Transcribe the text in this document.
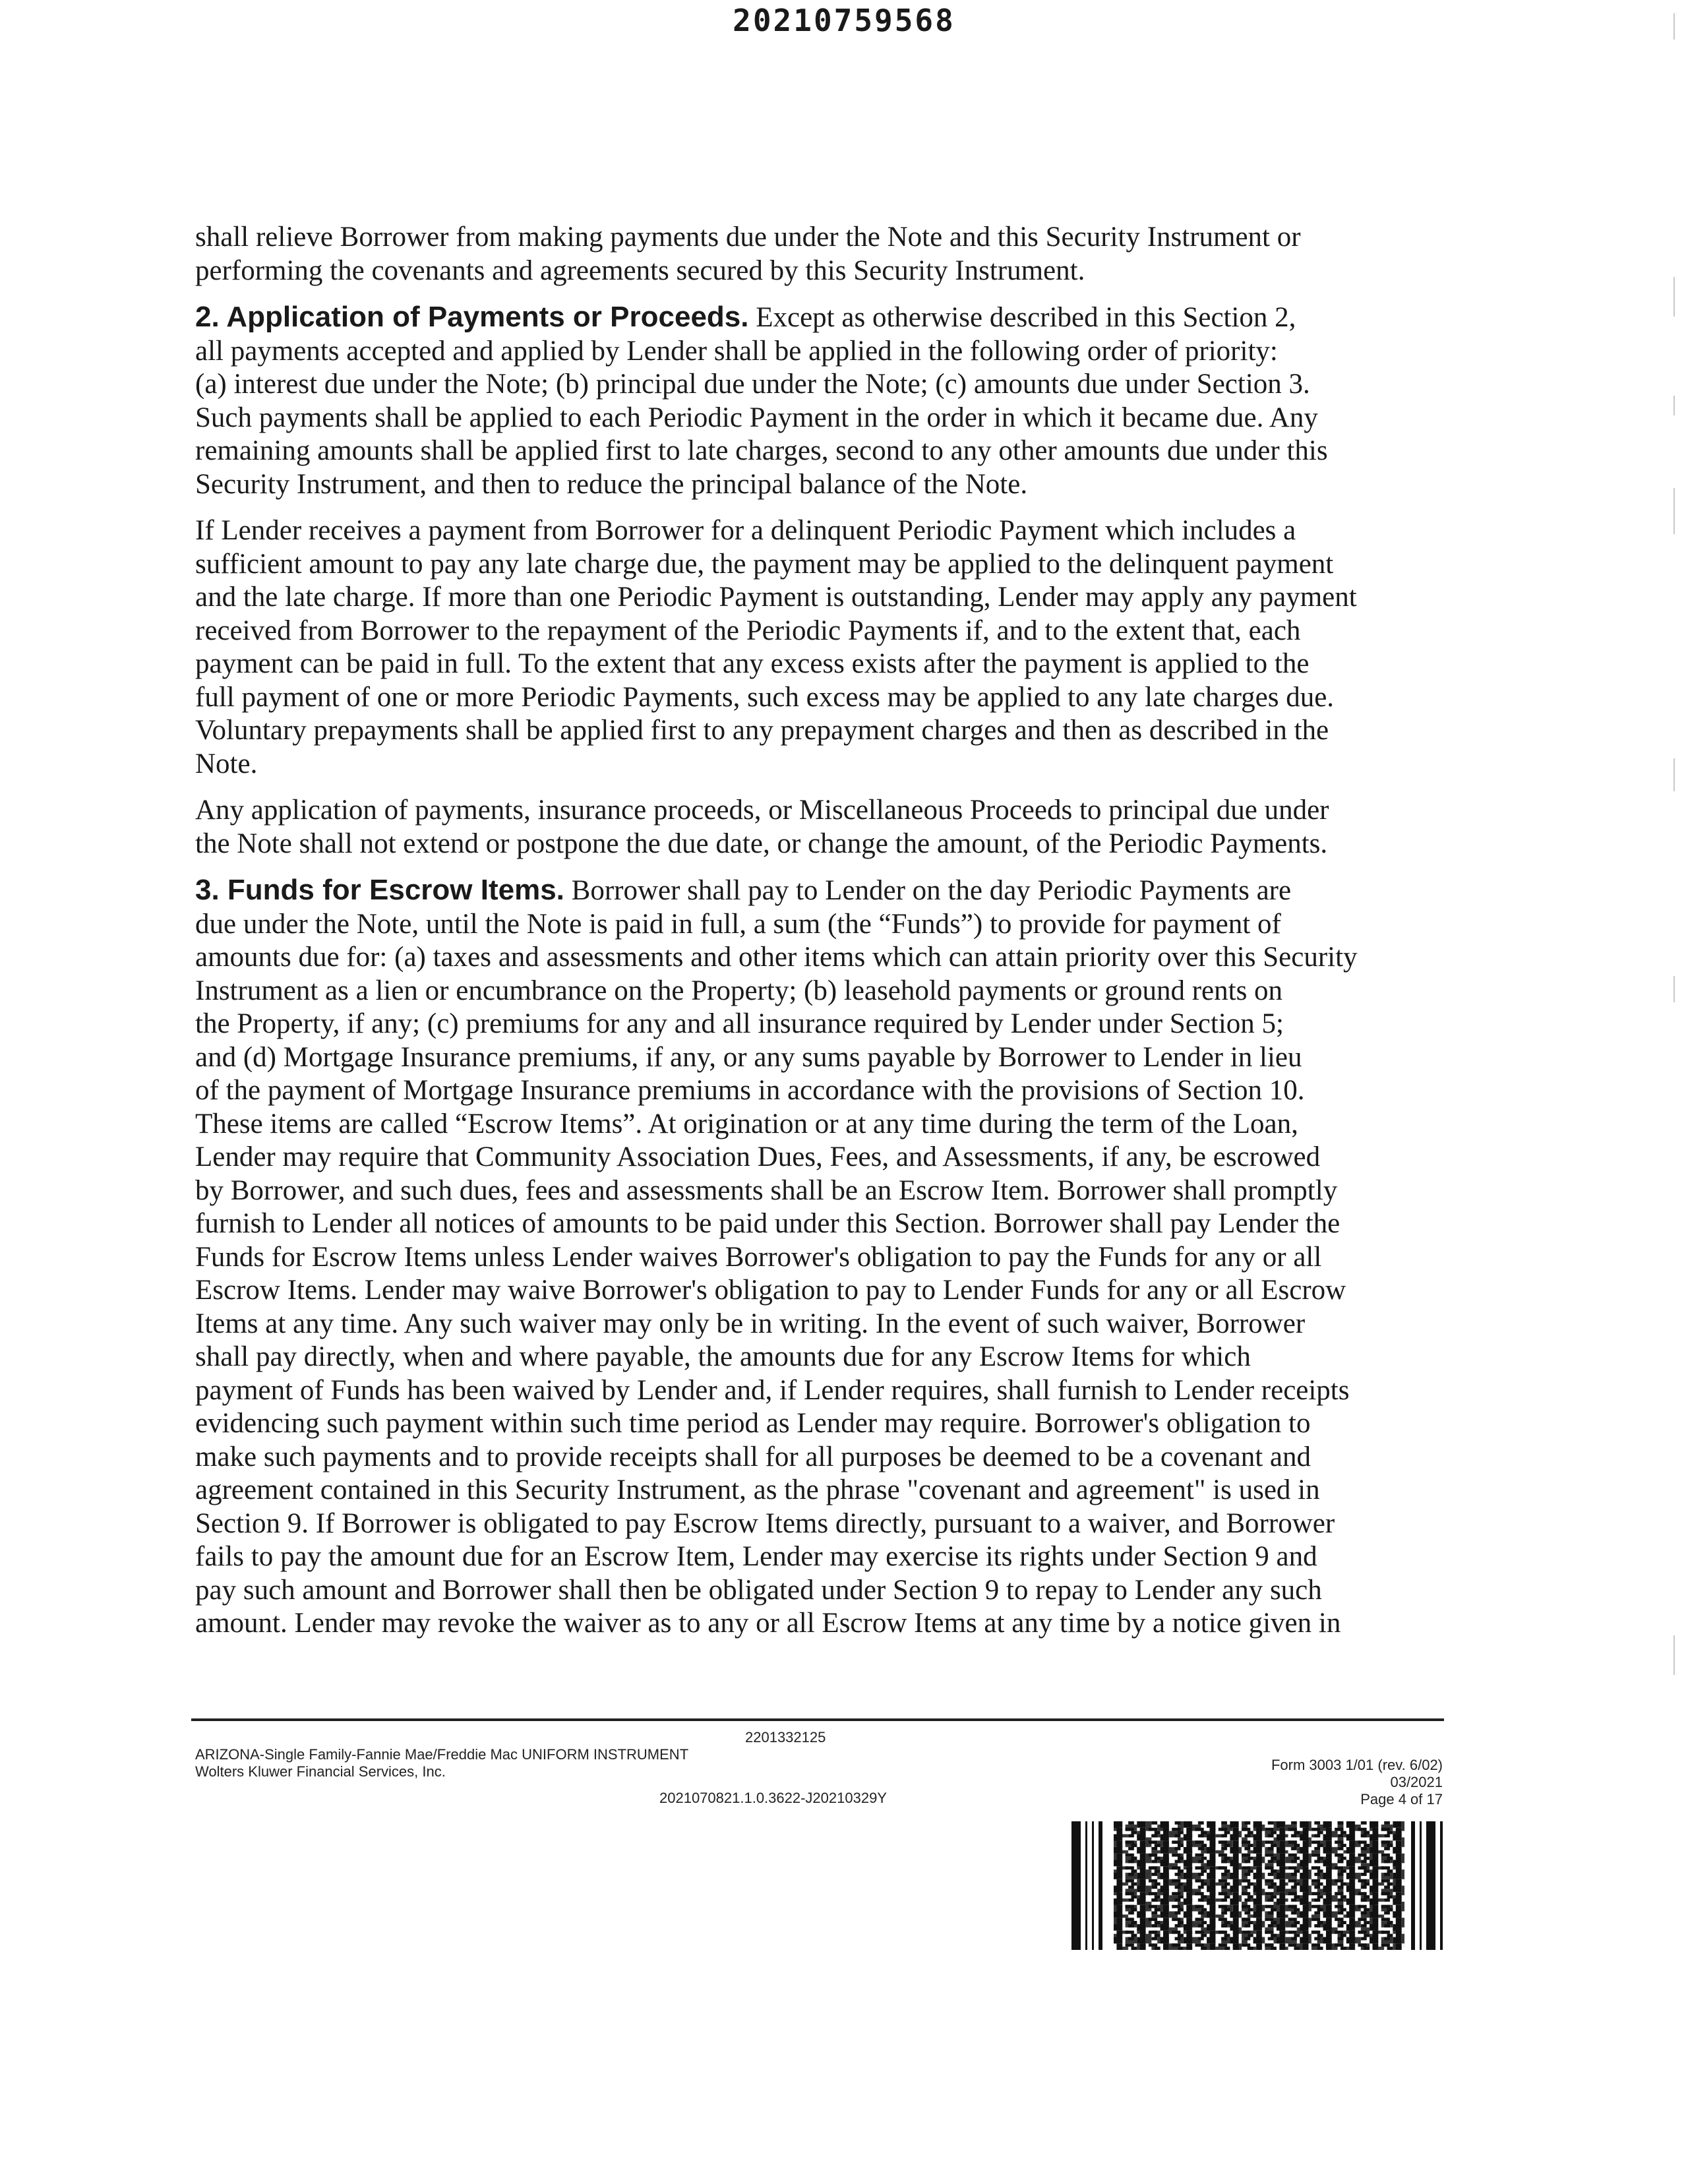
20210759568

shall relieve Borrower from making payments due under the Note and this Security Instrument or
performing the covenants and agreements secured by this Security Instrument.

2. Application of Payments or Proceeds. Except as otherwise described in this Section 2,
all payments accepted and applied by Lender shall be applied in the following order of priority:
(a) interest due under the Note; (b) principal due under the Note; (c) amounts due under Section 3.
Such payments shall be applied to each Periodic Payment in the order in which it became due. Any
remaining amounts shall be applied first to late charges, second to any other amounts due under this
Security Instrument, and then to reduce the principal balance of the Note.

If Lender receives a payment from Borrower for a delinquent Periodic Payment which includes a
sufficient amount to pay any late charge due, the payment may be applied to the delinquent payment
and the late charge. If more than one Periodic Payment is outstanding, Lender may apply any payment
received from Borrower to the repayment of the Periodic Payments if, and to the extent that, each
payment can be paid in full. To the extent that any excess exists after the payment is applied to the
full payment of one or more Periodic Payments, such excess may be applied to any late charges due.
Voluntary prepayments shall be applied first to any prepayment charges and then as described in the
Note.

Any application of payments, insurance proceeds, or Miscellaneous Proceeds to principal due under
the Note shall not extend or postpone the due date, or change the amount, of the Periodic Payments.

3. Funds for Escrow Items. Borrower shall pay to Lender on the day Periodic Payments are
due under the Note, until the Note is paid in full, a sum (the “Funds”) to provide for payment of
amounts due for: (a) taxes and assessments and other items which can attain priority over this Security
Instrument as a lien or encumbrance on the Property; (b) leasehold payments or ground rents on
the Property, if any; (c) premiums for any and all insurance required by Lender under Section 5;
and (d) Mortgage Insurance premiums, if any, or any sums payable by Borrower to Lender in lieu
of the payment of Mortgage Insurance premiums in accordance with the provisions of Section 10.
These items are called “Escrow Items”. At origination or at any time during the term of the Loan,
Lender may require that Community Association Dues, Fees, and Assessments, if any, be escrowed
by Borrower, and such dues, fees and assessments shall be an Escrow Item. Borrower shall promptly
furnish to Lender all notices of amounts to be paid under this Section. Borrower shall pay Lender the
Funds for Escrow Items unless Lender waives Borrower's obligation to pay the Funds for any or all
Escrow Items. Lender may waive Borrower's obligation to pay to Lender Funds for any or all Escrow
Items at any time. Any such waiver may only be in writing. In the event of such waiver, Borrower
shall pay directly, when and where payable, the amounts due for any Escrow Items for which
payment of Funds has been waived by Lender and, if Lender requires, shall furnish to Lender receipts
evidencing such payment within such time period as Lender may require. Borrower's obligation to
make such payments and to provide receipts shall for all purposes be deemed to be a covenant and
agreement contained in this Security Instrument, as the phrase "covenant and agreement" is used in
Section 9. If Borrower is obligated to pay Escrow Items directly, pursuant to a waiver, and Borrower
fails to pay the amount due for an Escrow Item, Lender may exercise its rights under Section 9 and
pay such amount and Borrower shall then be obligated under Section 9 to repay to Lender any such
amount. Lender may revoke the waiver as to any or all Escrow Items at any time by a notice given in

2201332125
ARIZONA-Single Family-Fannie Mae/Freddie Mac UNIFORM INSTRUMENT
Wolters Kluwer Financial Services, Inc.
2021070821.1.0.3622-J20210329Y
Form 3003 1/01 (rev. 6/02)
03/2021
Page 4 of 17
